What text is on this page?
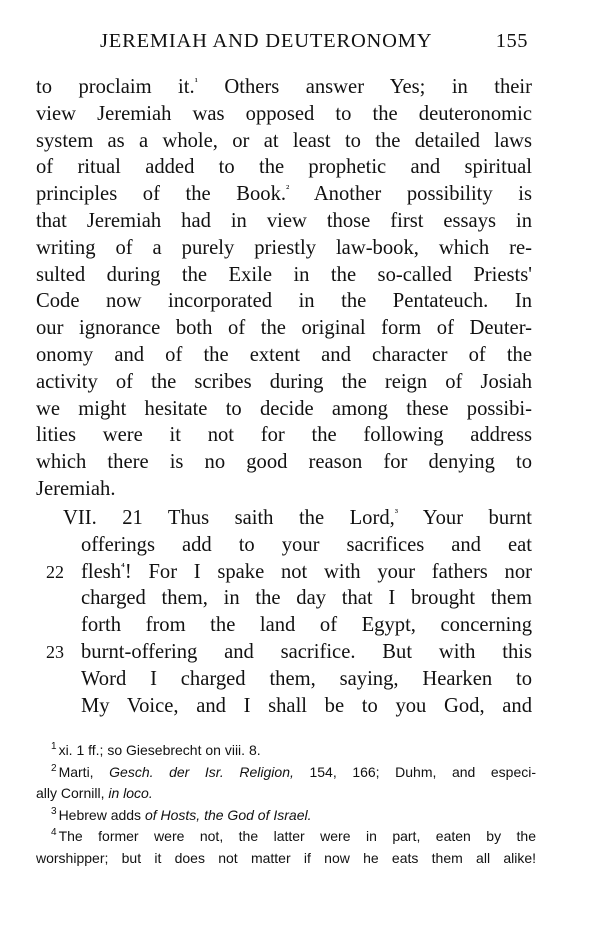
JEREMIAH AND DEUTERONOMY	155
to proclaim it.$^{^1}$ Others answer Yes; in their
view Jeremiah was opposed to the deuteronomic
system as a whole, or at least to the detailed laws
of ritual added to the prophetic and spiritual
principles of the Book.$^{^2}$ Another possibility is
that Jeremiah had in view those first essays in
writing of a purely priestly law-book, which re-
sulted during the Exile in the so-called Priests'
Code now incorporated in the Pentateuch. In
our ignorance both of the original form of Deuter-
onomy and of the extent and character of the
activity of the scribes during the reign of Josiah
we might hesitate to decide among these possibi-
lities were it not for the following address
which there is no good reason for denying to
Jeremiah.
VII. 21 Thus saith the Lord,$^{^3}$ Your burnt
offerings add to your sacrifices and eat
22 flesh$^{^4}$! For I spake not with your fathers nor
charged them, in the day that I brought them
forth from the land of Egypt, concerning
23 burnt-offering and sacrifice. But with this
Word I charged them, saying, Hearken to
My Voice, and I shall be to you God, and
$^1$ xi. 1 ff.; so Giesebrecht on viii. 8.
$^2$ Marti, Gesch. der Isr. Religion, 154, 166; Duhm, and especi-
ally Cornill, in loco.
$^3$ Hebrew adds of Hosts, the God of Israel.
$^4$ The former were not, the latter were in part, eaten by the
worshipper; but it does not matter if now he eats them all alike!
